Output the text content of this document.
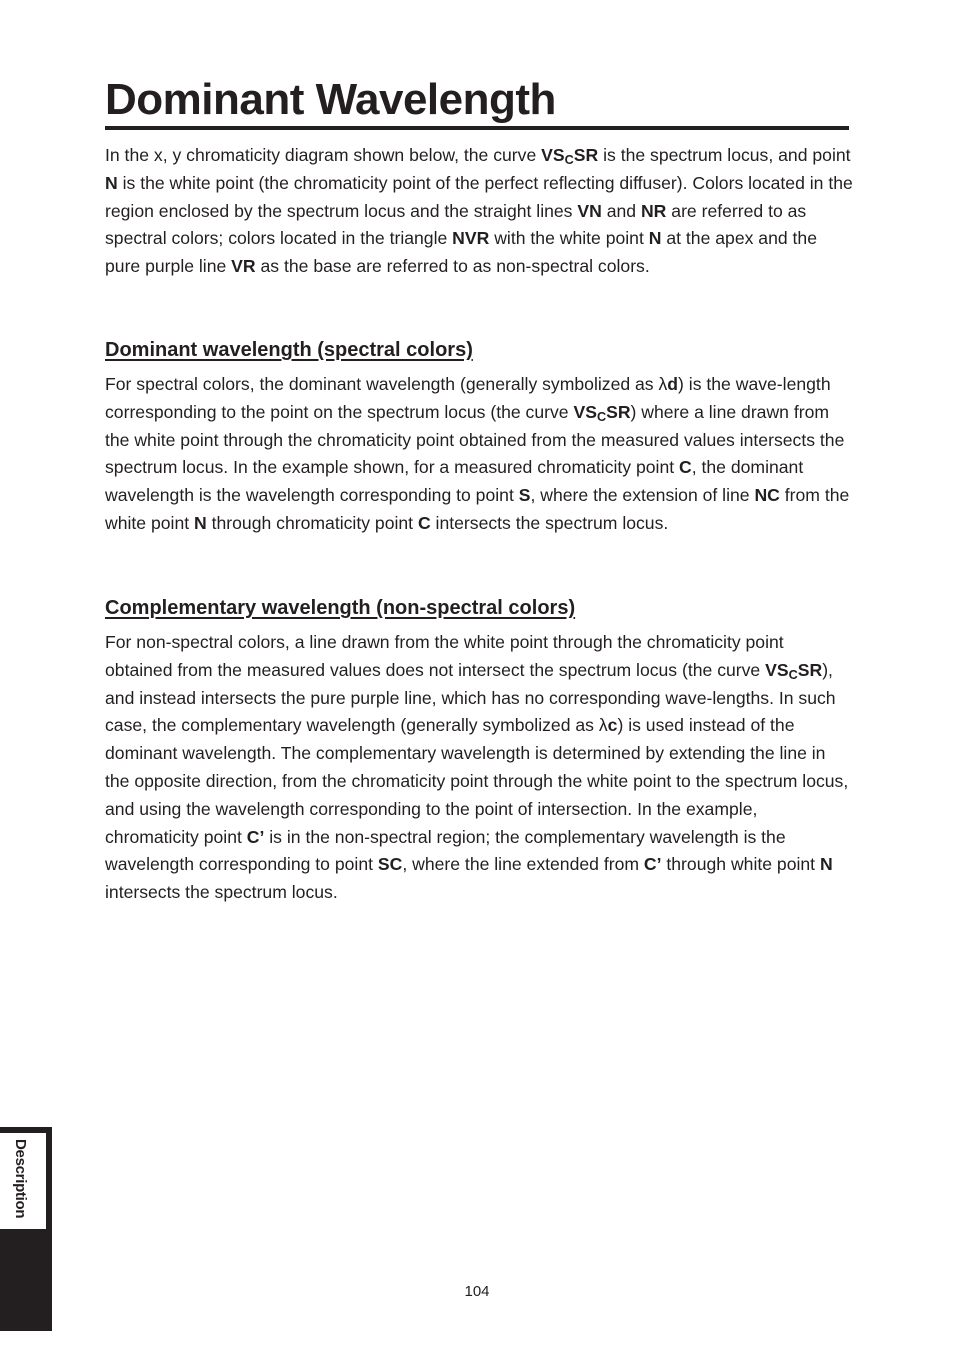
Dominant Wavelength

In the x, y chromaticity diagram shown below, the curve $VS_CSR$ is the spectrum locus, and point N is the white point (the chromaticity point of the perfect reflecting diffuser). Colors located in the region enclosed by the spectrum locus and the straight lines VN and NR are referred to as spectral colors; colors located in the triangle NVR with the white point N at the apex and the pure purple line VR as the base are referred to as non-spectral colors.

Dominant wavelength (spectral colors)

For spectral colors, the dominant wavelength (generally symbolized as λd) is the wave-length corresponding to the point on the spectrum locus (the curve $VS_CSR$) where a line drawn from the white point through the chromaticity point obtained from the measured values intersects the spectrum locus. In the example shown, for a measured chromaticity point C, the dominant wavelength is the wavelength corresponding to point S, where the extension of line NC from the white point N through chromaticity point C intersects the spectrum locus.

Complementary wavelength (non-spectral colors)

For non-spectral colors, a line drawn from the white point through the chromaticity point obtained from the measured values does not intersect the spectrum locus (the curve $VS_CSR$), and instead intersects the pure purple line, which has no corresponding wave-lengths. In such case, the complementary wavelength (generally symbolized as λc) is used instead of the dominant wavelength. The complementary wavelength is determined by extending the line in the opposite direction, from the chromaticity point through the white point to the spectrum locus, and using the wavelength corresponding to the point of intersection. In the example, chromaticity point C’ is in the non-spectral region; the complementary wavelength is the wavelength corresponding to point SC, where the line extended from C’ through white point N intersects the spectrum locus.

Description
104
